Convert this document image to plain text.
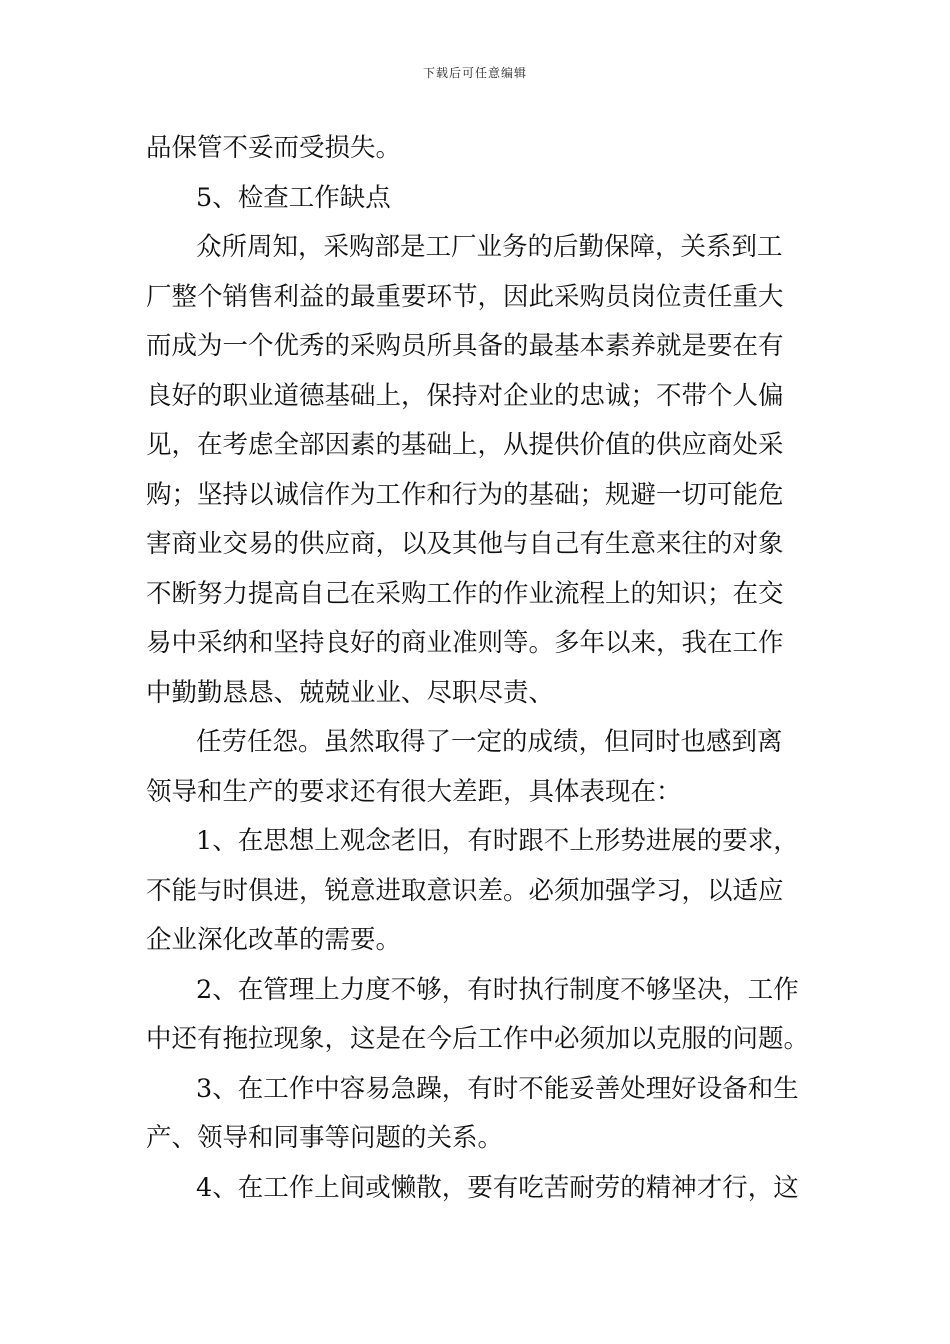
下载后可任意编辑
品保管不妥而受损失。
5、检查工作缺点
众所周知，采购部是工厂业务的后勤保障，关系到工
厂整个销售利益的最重要环节，因此采购员岗位责任重大
而成为一个优秀的采购员所具备的最基本素养就是要在有
良好的职业道德基础上，保持对企业的忠诚；不带个人偏
见，在考虑全部因素的基础上，从提供价值的供应商处采
购；坚持以诚信作为工作和行为的基础；规避一切可能危
害商业交易的供应商，以及其他与自己有生意来往的对象
不断努力提高自己在采购工作的作业流程上的知识；在交
易中采纳和坚持良好的商业准则等。多年以来，我在工作
中勤勤恳恳、兢兢业业、尽职尽责、
任劳任怨。虽然取得了一定的成绩，但同时也感到离
领导和生产的要求还有很大差距，具体表现在：
1、在思想上观念老旧，有时跟不上形势进展的要求，
不能与时俱进，锐意进取意识差。必须加强学习，以适应
企业深化改革的需要。
2、在管理上力度不够，有时执行制度不够坚决，工作
中还有拖拉现象，这是在今后工作中必须加以克服的问题。
3、在工作中容易急躁，有时不能妥善处理好设备和生
产、领导和同事等问题的关系。
4、在工作上间或懒散，要有吃苦耐劳的精神才行，这
